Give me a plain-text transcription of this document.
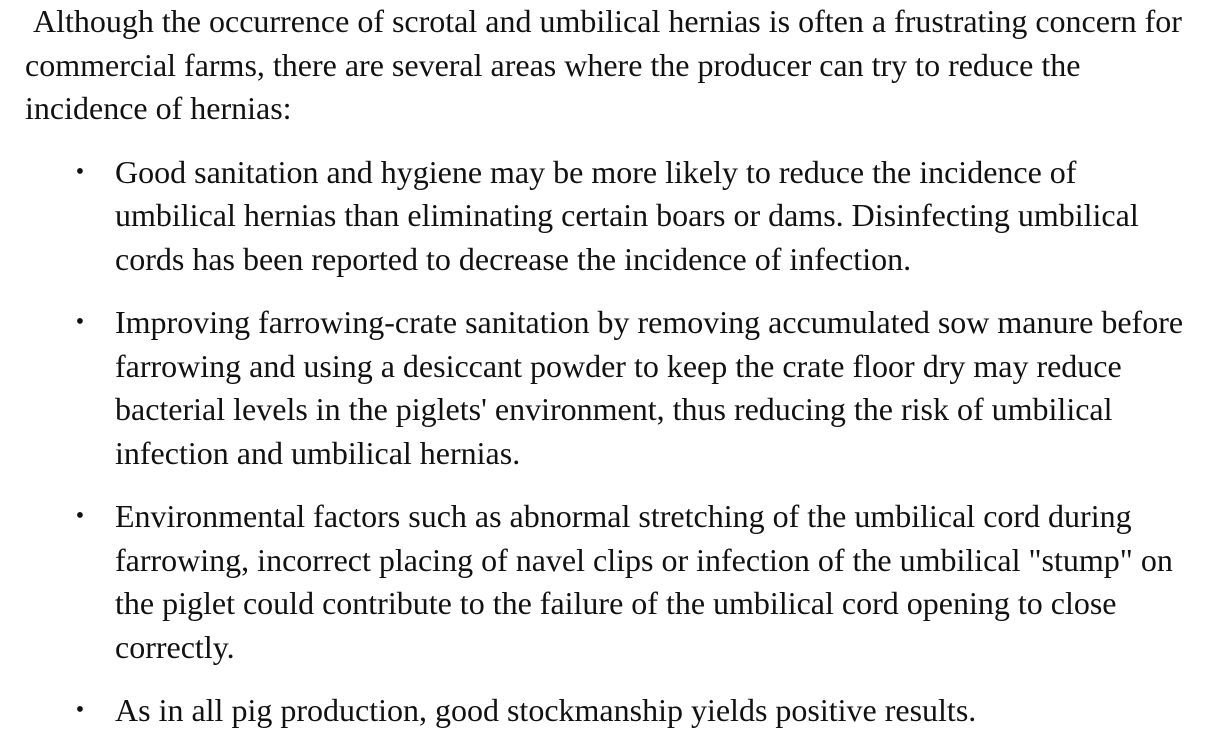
Although the occurrence of scrotal and umbilical hernias is often a frustrating concern for commercial farms, there are several areas where the producer can try to reduce the incidence of hernias:

• Good sanitation and hygiene may be more likely to reduce the incidence of umbilical hernias than eliminating certain boars or dams. Disinfecting umbilical cords has been reported to decrease the incidence of infection.
• Improving farrowing-crate sanitation by removing accumulated sow manure before farrowing and using a desiccant powder to keep the crate floor dry may reduce bacterial levels in the piglets' environment, thus reducing the risk of umbilical infection and umbilical hernias.
• Environmental factors such as abnormal stretching of the umbilical cord during farrowing, incorrect placing of navel clips or infection of the umbilical "stump" on the piglet could contribute to the failure of the umbilical cord opening to close correctly.
• As in all pig production, good stockmanship yields positive results.
